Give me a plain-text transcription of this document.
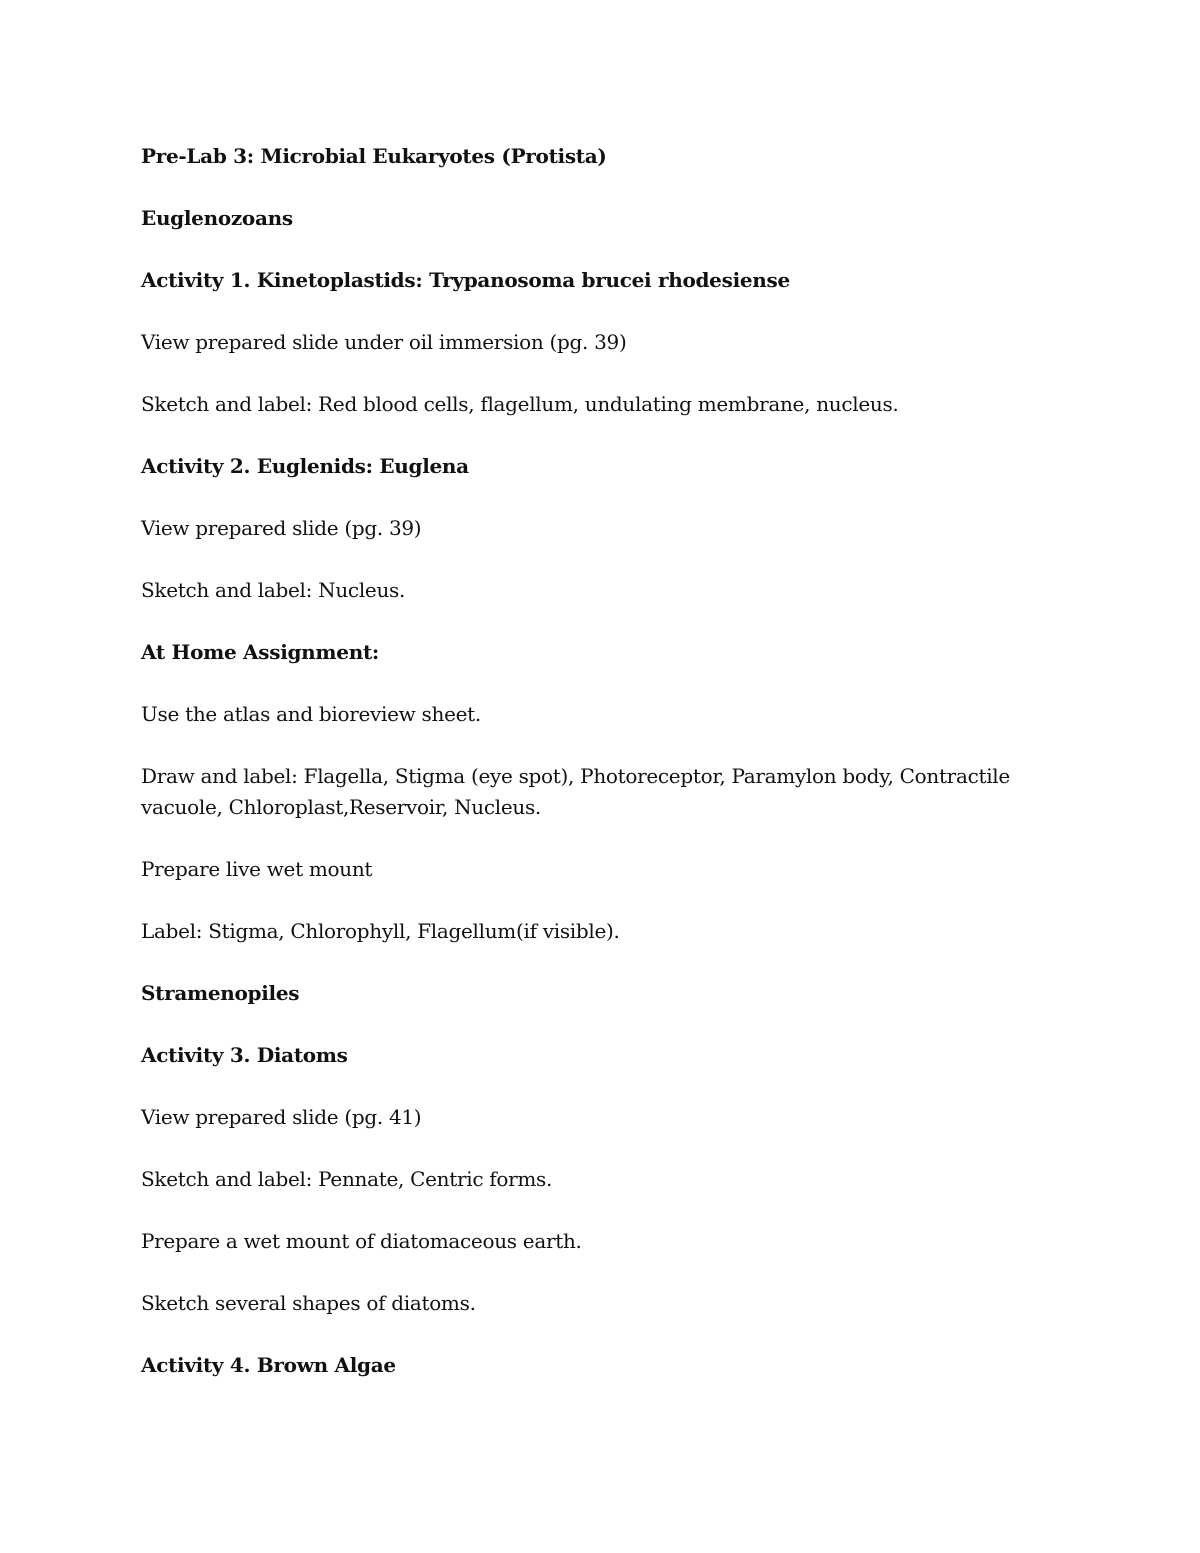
Pre-Lab 3: Microbial Eukaryotes (Protista)
Euglenozoans
Activity 1. Kinetoplastids: Trypanosoma brucei rhodesiense
View prepared slide under oil immersion (pg. 39)
Sketch and label: Red blood cells, flagellum, undulating membrane, nucleus.
Activity 2. Euglenids: Euglena
View prepared slide (pg. 39)
Sketch and label: Nucleus.
At Home Assignment:
Use the atlas and bioreview sheet.
Draw and label: Flagella, Stigma (eye spot), Photoreceptor, Paramylon body, Contractile
vacuole, Chloroplast,Reservoir, Nucleus.
Prepare live wet mount
Label: Stigma, Chlorophyll, Flagellum(if visible).
Stramenopiles
Activity 3. Diatoms
View prepared slide (pg. 41)
Sketch and label: Pennate, Centric forms.
Prepare a wet mount of diatomaceous earth.
Sketch several shapes of diatoms.
Activity 4. Brown Algae
